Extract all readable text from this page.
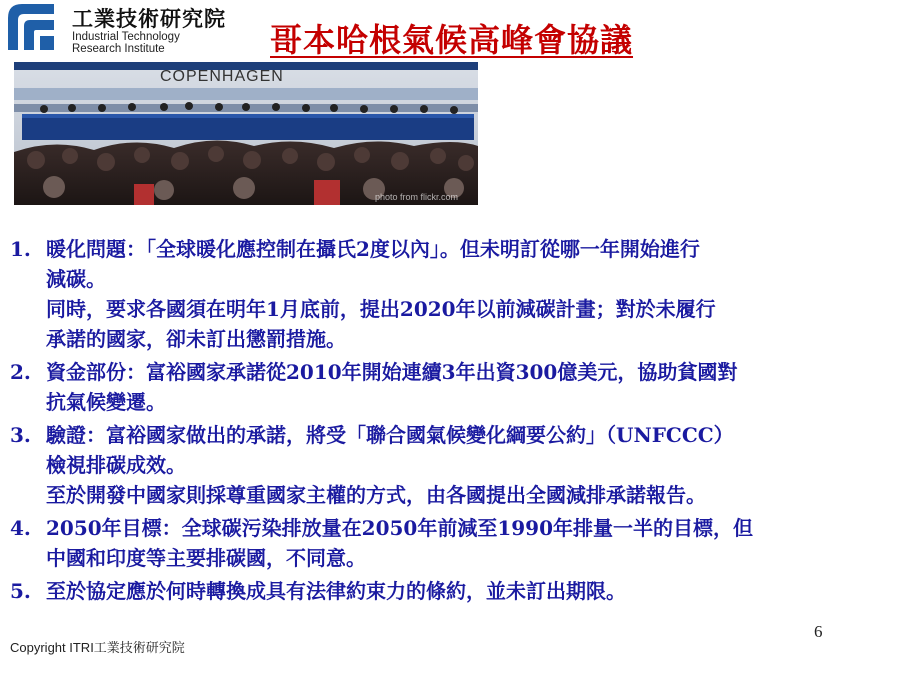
工業技術研究院
Industrial Technology
Research Institute	哥本哈根氣候高峰會協議
COPENHAGEN
photo from flickr.com
1. 暖化問題：「全球暖化應控制在攝氏2度以內」。但未明訂從哪一年開始進行
減碳。
同時，要求各國須在明年1月底前，提出2020年以前減碳計畫；對於未履行
承諾的國家，卻未訂出懲罰措施。
2. 資金部份：富裕國家承諾從2010年開始連續3年出資300億美元，協助貧國對
抗氣候變遷。
3. 驗證：富裕國家做出的承諾，將受「聯合國氣候變化綱要公約」（UNFCCC）
檢視排碳成效。
至於開發中國家則採尊重國家主權的方式，由各國提出全國減排承諾報告。
4. 2050年目標：全球碳污染排放量在2050年前減至1990年排量一半的目標，但
中國和印度等主要排碳國，不同意。
5. 至於協定應於何時轉換成具有法律約束力的條約，並未訂出期限。
Copyright ITRI工業技術研究院
6
